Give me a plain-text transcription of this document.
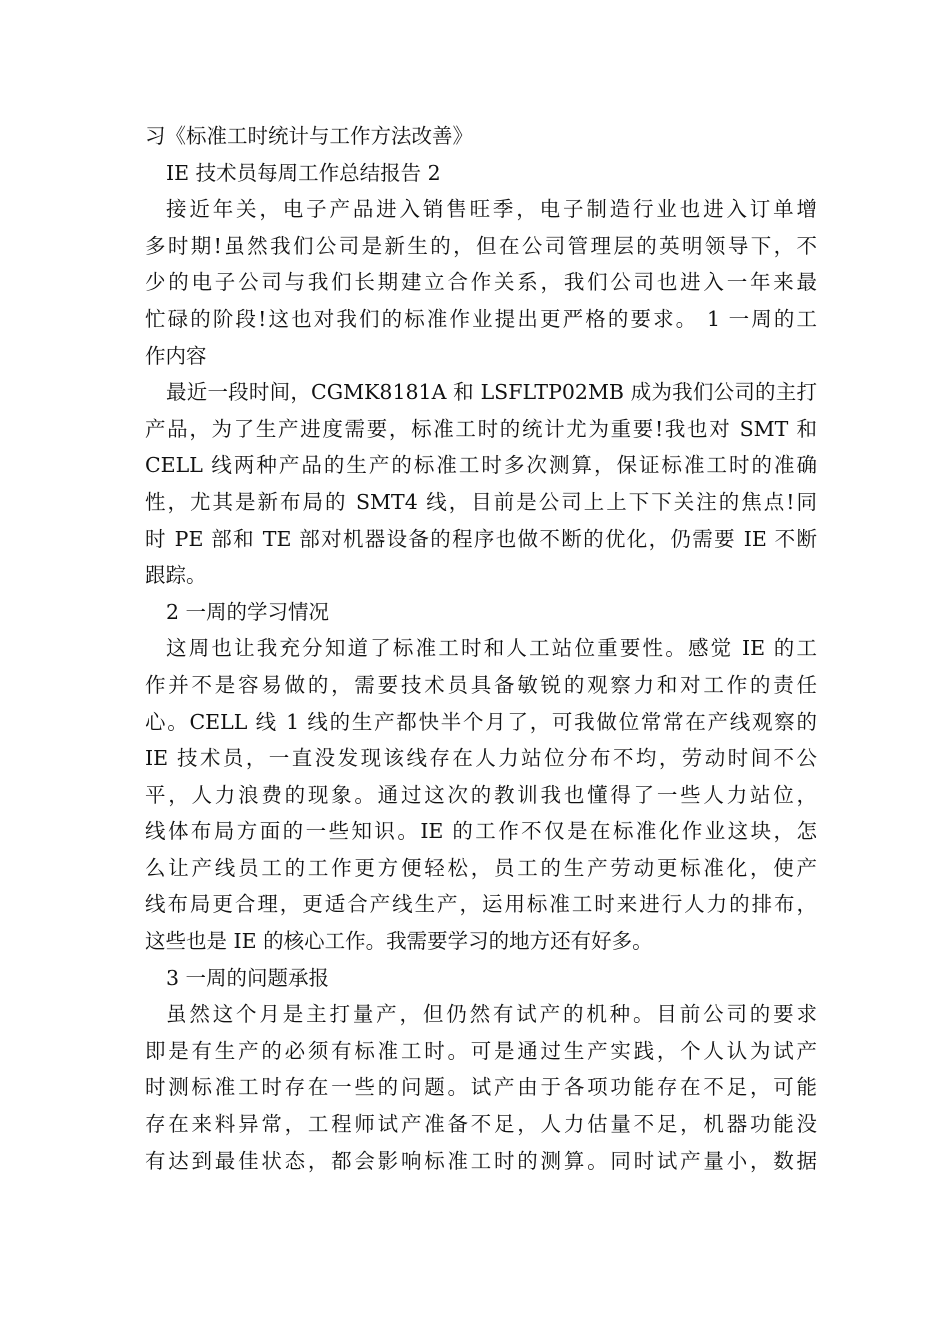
习《标准工时统计与工作方法改善》
IE 技术员每周工作总结报告 2
接近年关，电子产品进入销售旺季，电子制造行业也进入订单增
多时期!虽然我们公司是新生的，但在公司管理层的英明领导下，不
少的电子公司与我们长期建立合作关系，我们公司也进入一年来最
忙碌的阶段!这也对我们的标准作业提出更严格的要求。 1 一周的工
作内容
最近一段时间，CGMK8181A 和 LSFLTP02MB 成为我们公司的主打
产品，为了生产进度需要，标准工时的统计尤为重要!我也对 SMT 和
CELL 线两种产品的生产的标准工时多次测算，保证标准工时的准确
性，尤其是新布局的 SMT4 线，目前是公司上上下下关注的焦点!同
时 PE 部和 TE 部对机器设备的程序也做不断的优化，仍需要 IE 不断
跟踪。
2 一周的学习情况
这周也让我充分知道了标准工时和人工站位重要性。感觉 IE 的工
作并不是容易做的，需要技术员具备敏锐的观察力和对工作的责任
心。CELL 线 1 线的生产都快半个月了，可我做位常常在产线观察的
IE 技术员，一直没发现该线存在人力站位分布不均，劳动时间不公
平，人力浪费的现象。通过这次的教训我也懂得了一些人力站位，
线体布局方面的一些知识。IE 的工作不仅是在标准化作业这块，怎
么让产线员工的工作更方便轻松，员工的生产劳动更标准化，使产
线布局更合理，更适合产线生产，运用标准工时来进行人力的排布，
这些也是 IE 的核心工作。我需要学习的地方还有好多。
3 一周的问题承报
虽然这个月是主打量产，但仍然有试产的机种。目前公司的要求
即是有生产的必须有标准工时。可是通过生产实践，个人认为试产
时测标准工时存在一些的问题。试产由于各项功能存在不足，可能
存在来料异常，工程师试产准备不足，人力估量不足，机器功能没
有达到最佳状态，都会影响标准工时的测算。同时试产量小，数据
